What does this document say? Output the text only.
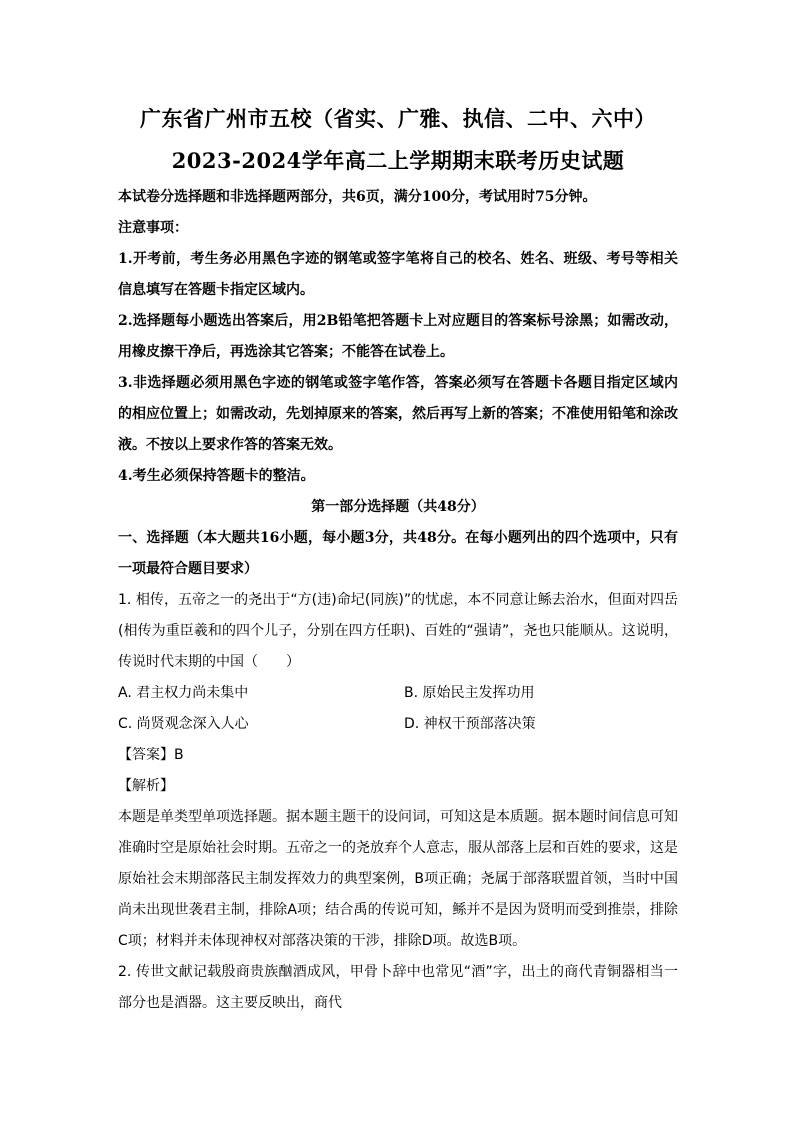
广东省广州市五校（省实、广雅、执信、二中、六中）
2023-2024学年高二上学期期末联考历史试题
本试卷分选择题和非选择题两部分，共6页，满分100分，考试用时75分钟。
注意事项：
1.开考前，考生务必用黑色字迹的钢笔或签字笔将自己的校名、姓名、班级、考号等相关信息填写在答题卡指定区域内。
2.选择题每小题选出答案后，用2B铅笔把答题卡上对应题目的答案标号涂黑；如需改动，用橡皮擦干净后，再选涂其它答案；不能答在试卷上。
3.非选择题必须用黑色字迹的钢笔或签字笔作答，答案必须写在答题卡各题目指定区域内的相应位置上；如需改动，先划掉原来的答案，然后再写上新的答案；不准使用铅笔和涂改液。不按以上要求作答的答案无效。
4.考生必须保持答题卡的整洁。
第一部分选择题（共48分）
一、选择题（本大题共16小题，每小题3分，共48分。在每小题列出的四个选项中，只有一项最符合题目要求）
1. 相传，五帝之一的尧出于“方(违)命圮(同族)”的忧虑，本不同意让鲧去治水，但面对四岳(相传为重臣羲和的四个儿子，分别在四方任职)、百姓的“强请”，尧也只能顺从。这说明，传说时代末期的中国（　　）
A. 君主权力尚未集中	B. 原始民主发挥功用
C. 尚贤观念深入人心	D. 神权干预部落决策
【答案】B
【解析】
本题是单类型单项选择题。据本题主题干的设问词，可知这是本质题。据本题时间信息可知准确时空是原始社会时期。五帝之一的尧放弃个人意志，服从部落上层和百姓的要求，这是原始社会末期部落民主制发挥效力的典型案例，B项正确；尧属于部落联盟首领，当时中国尚未出现世袭君主制，排除A项；结合禹的传说可知，鲧并不是因为贤明而受到推崇，排除C项；材料并未体现神权对部落决策的干涉，排除D项。故选B项。
2. 传世文献记载殷商贵族酗酒成风，甲骨卜辞中也常见“酒”字，出土的商代青铜器相当一部分也是酒器。这主要反映出，商代
